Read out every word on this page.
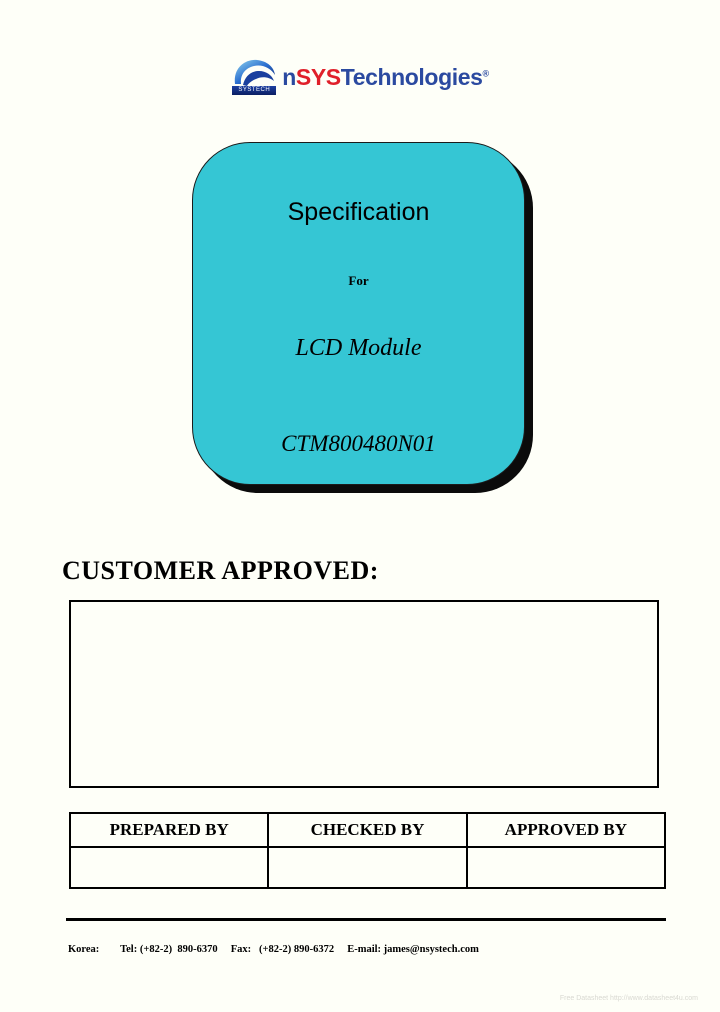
SYSTECH
nSYSTechnologies®
Specification
For
LCD Module
CTM800480N01
CUSTOMER APPROVED:
PREPARED BY	CHECKED BY	APPROVED BY

Korea:        Tel: (+82-2)  890-6370     Fax:   (+82-2) 890-6372     E-mail: james@nsystech.com
Free Datasheet http://www.datasheet4u.com
